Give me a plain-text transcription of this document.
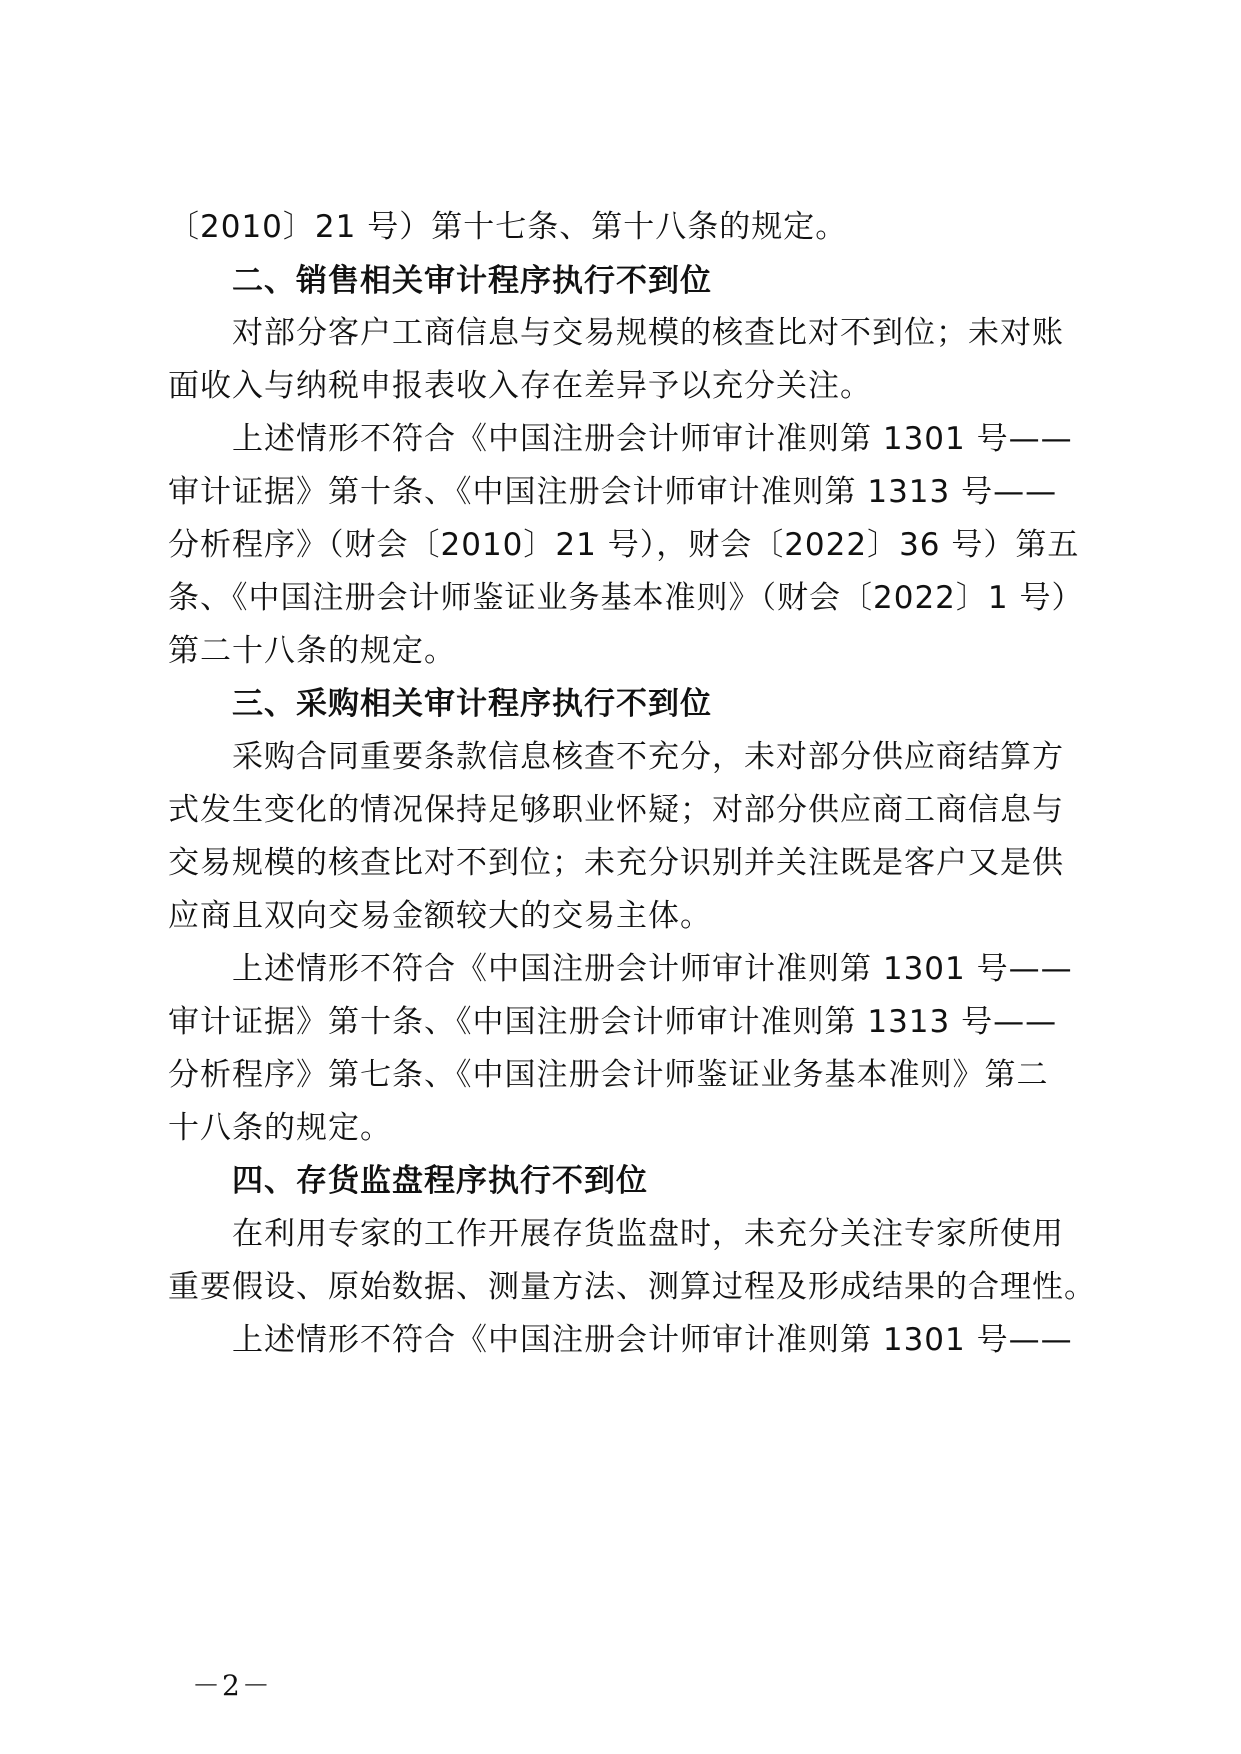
〔2010〕21 号）第十七条、第十八条的规定。
二、销售相关审计程序执行不到位
对部分客户工商信息与交易规模的核查比对不到位；未对账
面收入与纳税申报表收入存在差异予以充分关注。
上述情形不符合《中国注册会计师审计准则第 1301 号——
审计证据》第十条、《中国注册会计师审计准则第 1313 号——
分析程序》（财会〔2010〕21 号），财会〔2022〕36 号）第五
条、《中国注册会计师鉴证业务基本准则》（财会〔2022〕1 号）
第二十八条的规定。
三、采购相关审计程序执行不到位
采购合同重要条款信息核查不充分，未对部分供应商结算方
式发生变化的情况保持足够职业怀疑；对部分供应商工商信息与
交易规模的核查比对不到位；未充分识别并关注既是客户又是供
应商且双向交易金额较大的交易主体。
上述情形不符合《中国注册会计师审计准则第 1301 号——
审计证据》第十条、《中国注册会计师审计准则第 1313 号——
分析程序》第七条、《中国注册会计师鉴证业务基本准则》第二
十八条的规定。
四、存货监盘程序执行不到位
在利用专家的工作开展存货监盘时，未充分关注专家所使用
重要假设、原始数据、测量方法、测算过程及形成结果的合理性。
上述情形不符合《中国注册会计师审计准则第 1301 号——
－2－
